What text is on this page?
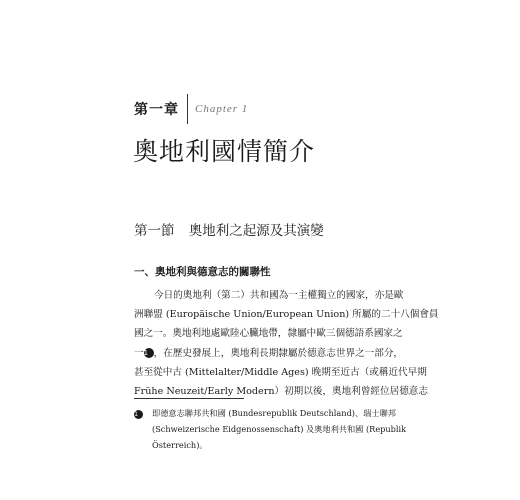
第一章 Chapter 1
奧地利國情簡介
第一節 奧地利之起源及其演變
一、奧地利與德意志的關聯性
今日的奧地利（第二）共和國為一主權獨立的國家，亦是歐
洲聯盟 (Europäische Union/European Union) 所屬的二十八個會員
國之一。奧地利地處歐陸心臟地帶，隸屬中歐三個德語系國家之
一1 ，在歷史發展上，奧地利長期隸屬於德意志世界之一部分，
甚至從中古 (Mittelalter/Middle Ages) 晚期至近古（或稱近代早期
Frühe Neuzeit/Early Modern）初期以後，奧地利曾經位居德意志
1 即德意志聯邦共和國 (Bundesrepublik Deutschland)、瑞士聯邦
(Schweizerische Eidgenossenschaft) 及奧地利共和國 (Republik
Österreich)。
